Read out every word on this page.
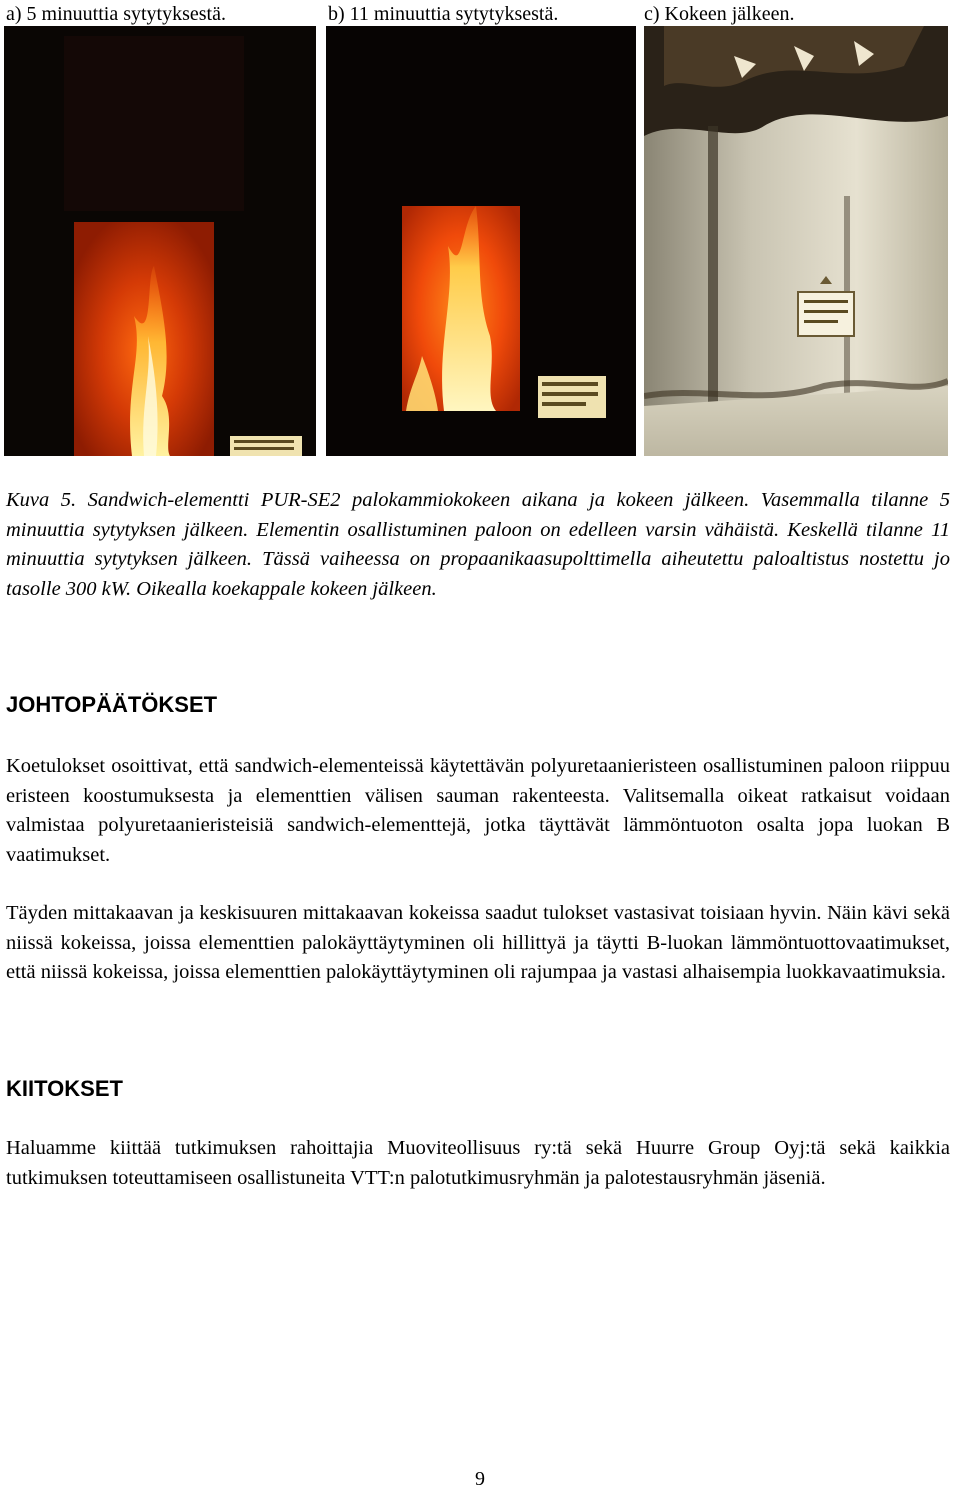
a) 5 minuuttia sytytyksestä.	b) 11 minuuttia sytytyksestä.	c) Kokeen jälkeen.
Kuva 5. Sandwich-elementti PUR-SE2 palokammiokokeen aikana ja kokeen jälkeen. Vasemmalla tilanne 5 minuuttia sytytyksen jälkeen. Elementin osallistuminen paloon on edelleen varsin vähäistä. Keskellä tilanne 11 minuuttia sytytyksen jälkeen. Tässä vaiheessa on propaanikaasupolttimella aiheutettu paloaltistus nostettu jo tasolle 300 kW. Oikealla koekappale kokeen jälkeen.
JOHTOPÄÄTÖKSET
Koetulokset osoittivat, että sandwich-elementeissä käytettävän polyuretaanieristeen osallistuminen paloon riippuu eristeen koostumuksesta ja elementtien välisen sauman rakenteesta. Valitsemalla oikeat ratkaisut voidaan valmistaa polyuretaanieristeisiä sandwich-elementtejä, jotka täyttävät lämmöntuoton osalta jopa luokan B vaatimukset.
Täyden mittakaavan ja keskisuuren mittakaavan kokeissa saadut tulokset vastasivat toisiaan hyvin. Näin kävi sekä niissä kokeissa, joissa elementtien palokäyttäytyminen oli hillittyä ja täytti B-luokan lämmöntuottovaatimukset, että niissä kokeissa, joissa elementtien palokäyttäytyminen oli rajumpaa ja vastasi alhaisempia luokkavaatimuksia.
KIITOKSET
Haluamme kiittää tutkimuksen rahoittajia Muoviteollisuus ry:tä sekä Huurre Group Oyj:tä sekä kaikkia tutkimuksen toteuttamiseen osallistuneita VTT:n palotutkimusryhmän ja palotestausryhmän jäseniä.
9
